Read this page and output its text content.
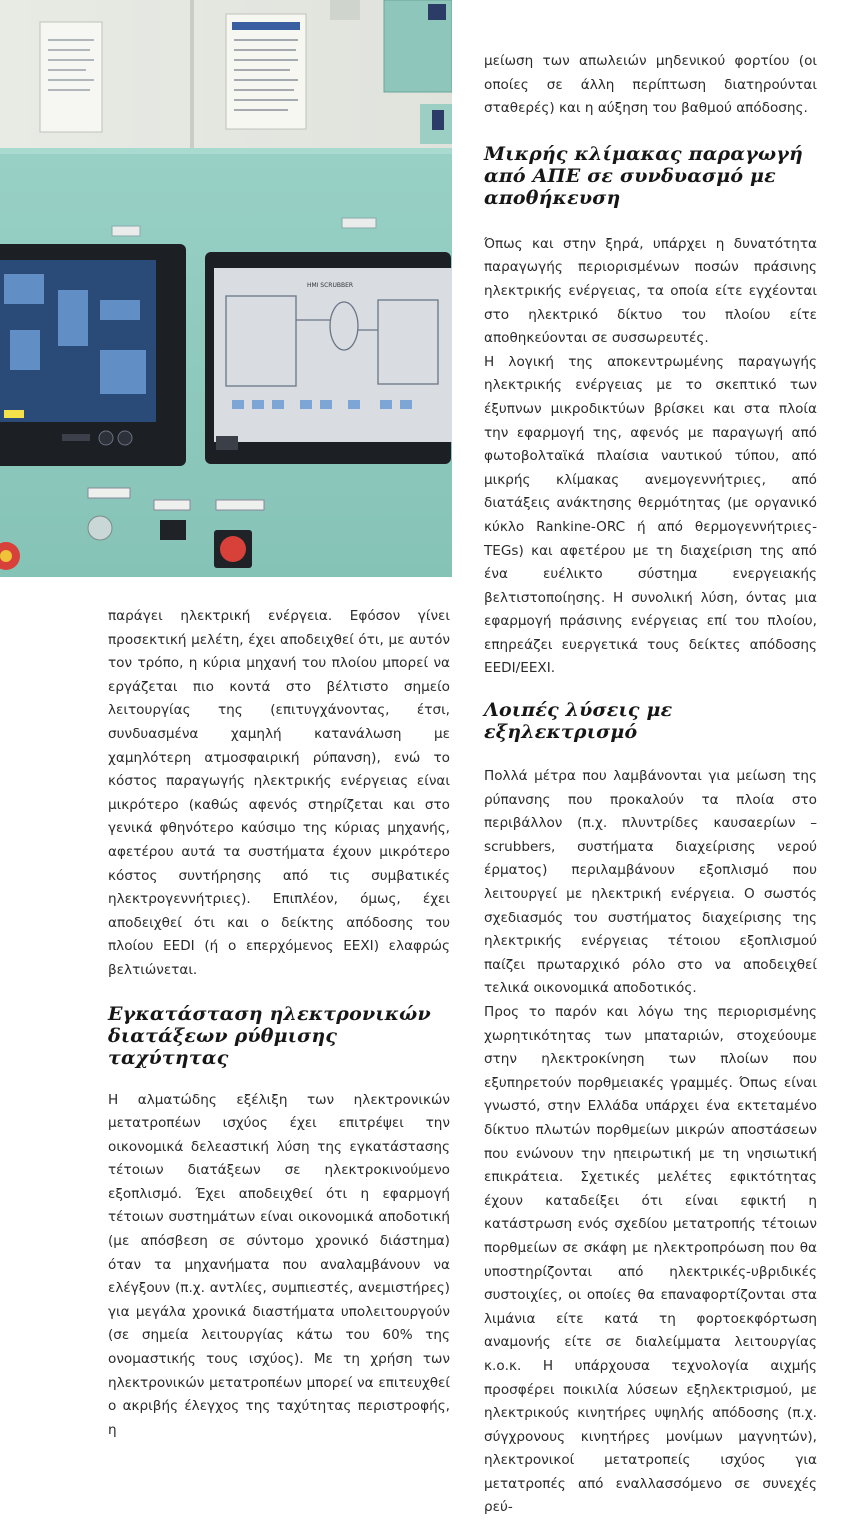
HMI SCRUBBER

παράγει ηλεκτρική ενέργεια. Εφόσον γίνει προσεκτική μελέτη, έχει αποδειχθεί ότι, με αυτόν τον τρόπο, η κύρια μηχανή του πλοίου μπορεί να εργάζεται πιο κοντά στο βέλτιστο σημείο λειτουργίας της (επιτυγχάνοντας, έτσι, συνδυασμένα χαμηλή κατανάλωση με χαμηλότερη ατμοσφαιρική ρύπανση), ενώ το κόστος παραγωγής ηλεκτρικής ενέργειας είναι μικρότερο (καθώς αφενός στηρίζεται και στο γενικά φθηνότερο καύσιμο της κύριας μηχανής, αφετέρου αυτά τα συστήματα έχουν μικρότερο κόστος συντήρησης από τις συμβατικές ηλεκτρογεννήτριες). Επιπλέον, όμως, έχει αποδειχθεί ότι και ο δείκτης απόδοσης του πλοίου EEDI (ή ο επερχόμενος EEXI) ελαφρώς βελτιώνεται.

Εγκατάσταση ηλεκτρονικών διατάξεων ρύθμισης ταχύτητας

Η αλματώδης εξέλιξη των ηλεκτρονικών μετατροπέων ισχύος έχει επιτρέψει την οικονομικά δελεαστική λύση της εγκατάστασης τέτοιων διατάξεων σε ηλεκτροκινούμενο εξοπλισμό. Έχει αποδειχθεί ότι η εφαρμογή τέτοιων συστημάτων είναι οικονομικά αποδοτική (με απόσβεση σε σύντομο χρονικό διάστημα) όταν τα μηχανήματα που αναλαμβάνουν να ελέγξουν (π.χ. αντλίες, συμπιεστές, ανεμιστήρες) για μεγάλα χρονικά διαστήματα υπολειτουργούν (σε σημεία λειτουργίας κάτω του 60% της ονομαστικής τους ισχύος). Με τη χρήση των ηλεκτρονικών μετατροπέων μπορεί να επιτευχθεί ο ακριβής έλεγχος της ταχύτητας περιστροφής, η

μείωση των απωλειών μηδενικού φορτίου (οι οποίες σε άλλη περίπτωση διατηρούνται σταθερές) και η αύξηση του βαθμού απόδοσης.

Μικρής κλίμακας παραγωγή από ΑΠΕ σε συνδυασμό με αποθήκευση

Όπως και στην ξηρά, υπάρχει η δυνατότητα παραγωγής περιορισμένων ποσών πράσινης ηλεκτρικής ενέργειας, τα οποία είτε εγχέονται στο ηλεκτρικό δίκτυο του πλοίου είτε αποθηκεύονται σε συσσωρευτές.

Η λογική της αποκεντρωμένης παραγωγής ηλεκτρικής ενέργειας με το σκεπτικό των έξυπνων μικροδικτύων βρίσκει και στα πλοία την εφαρμογή της, αφενός με παραγωγή από φωτοβολταϊκά πλαίσια ναυτικού τύπου, από μικρής κλίμακας ανεμογεννήτριες, από διατάξεις ανάκτησης θερμότητας (με οργανικό κύκλο Rankine-ORC ή από θερμογεννήτριες-TEGs) και αφετέρου με τη διαχείριση της από ένα ευέλικτο σύστημα ενεργειακής βελτιστοποίησης. Η συνολική λύση, όντας μια εφαρμογή πράσινης ενέργειας επί του πλοίου, επηρεάζει ευεργετικά τους δείκτες απόδοσης EEDI/EEXI.

Λοιπές λύσεις με εξηλεκτρισμό

Πολλά μέτρα που λαμβάνονται για μείωση της ρύπανσης που προκαλούν τα πλοία στο περιβάλλον (π.χ. πλυντρίδες καυσαερίων – scrubbers, συστήματα διαχείρισης νερού έρματος) περιλαμβάνουν εξοπλισμό που λειτουργεί με ηλεκτρική ενέργεια. Ο σωστός σχεδιασμός του συστήματος διαχείρισης της ηλεκτρικής ενέργειας τέτοιου εξοπλισμού παίζει πρωταρχικό ρόλο στο να αποδειχθεί τελικά οικονομικά αποδοτικός.

Προς το παρόν και λόγω της περιορισμένης χωρητικότητας των μπαταριών, στοχεύουμε στην ηλεκτροκίνηση των πλοίων που εξυπηρετούν πορθμειακές γραμμές. Όπως είναι γνωστό, στην Ελλάδα υπάρχει ένα εκτεταμένο δίκτυο πλωτών πορθμείων μικρών αποστάσεων που ενώνουν την ηπειρωτική με τη νησιωτική επικράτεια. Σχετικές μελέτες εφικτότητας έχουν καταδείξει ότι είναι εφικτή η κατάστρωση ενός σχεδίου μετατροπής τέτοιων πορθμείων σε σκάφη με ηλεκτροπρόωση που θα υποστηρίζονται από ηλεκτρικές-υβριδικές συστοιχίες, οι οποίες θα επαναφορτίζονται στα λιμάνια είτε κατά τη φορτοεκφόρτωση αναμονής είτε σε διαλείμματα λειτουργίας κ.ο.κ. Η υπάρχουσα τεχνολογία αιχμής προσφέρει ποικιλία λύσεων εξηλεκτρισμού, με ηλεκτρικούς κινητήρες υψηλής απόδοσης (π.χ. σύγχρονους κινητήρες μονίμων μαγνητών), ηλεκτρονικοί μετατροπείς ισχύος για μετατροπές από εναλλασσόμενο σε συνεχές ρεύ-
